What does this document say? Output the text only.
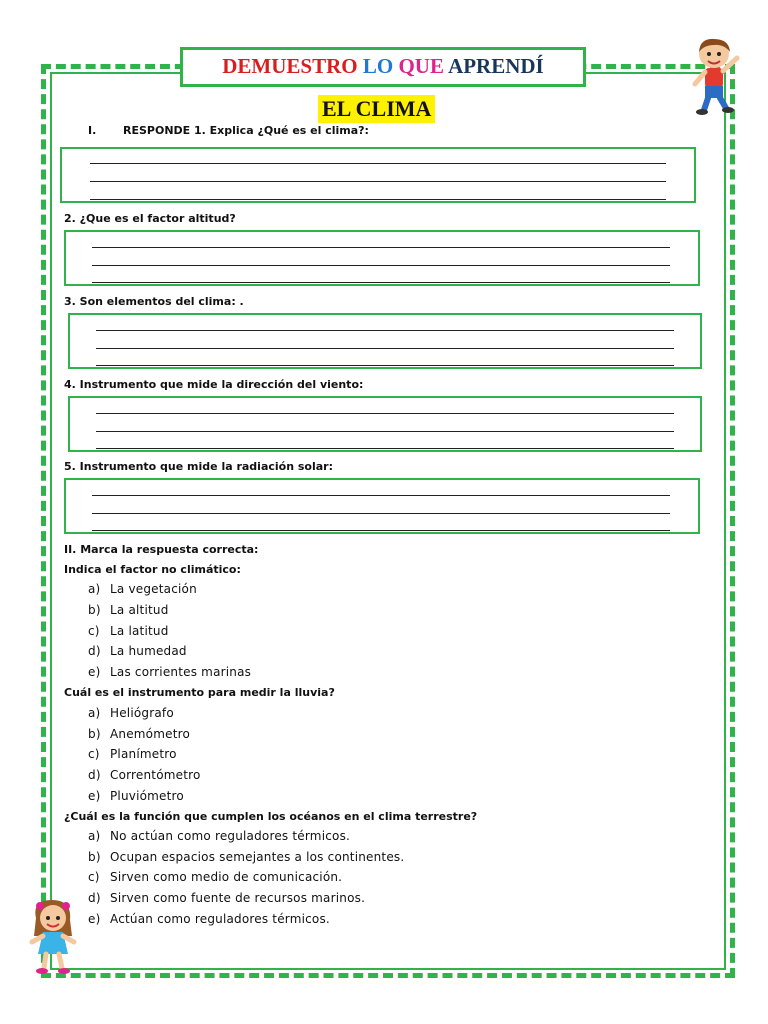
DEMUESTRO LO QUE APRENDÍ
EL CLIMA
I. RESPONDE 1. Explica ¿Qué es el clima?:
2. ¿Que es el factor altitud?
3. Son elementos del clima: .
4. Instrumento que mide la dirección del viento:
5. Instrumento que mide la radiación solar:
II. Marca la respuesta correcta:
Indica el factor no climático:
a) La vegetación
b) La altitud
c) La latitud
d) La humedad
e) Las corrientes marinas
Cuál es el instrumento para medir la lluvia?
a) Heliógrafo
b) Anemómetro
c) Planímetro
d) Correntómetro
e) Pluviómetro
¿Cuál es la función que cumplen los océanos en el clima terrestre?
a) No actúan como reguladores térmicos.
b) Ocupan espacios semejantes a los continentes.
c) Sirven como medio de comunicación.
d) Sirven como fuente de recursos marinos.
e) Actúan como reguladores térmicos.
